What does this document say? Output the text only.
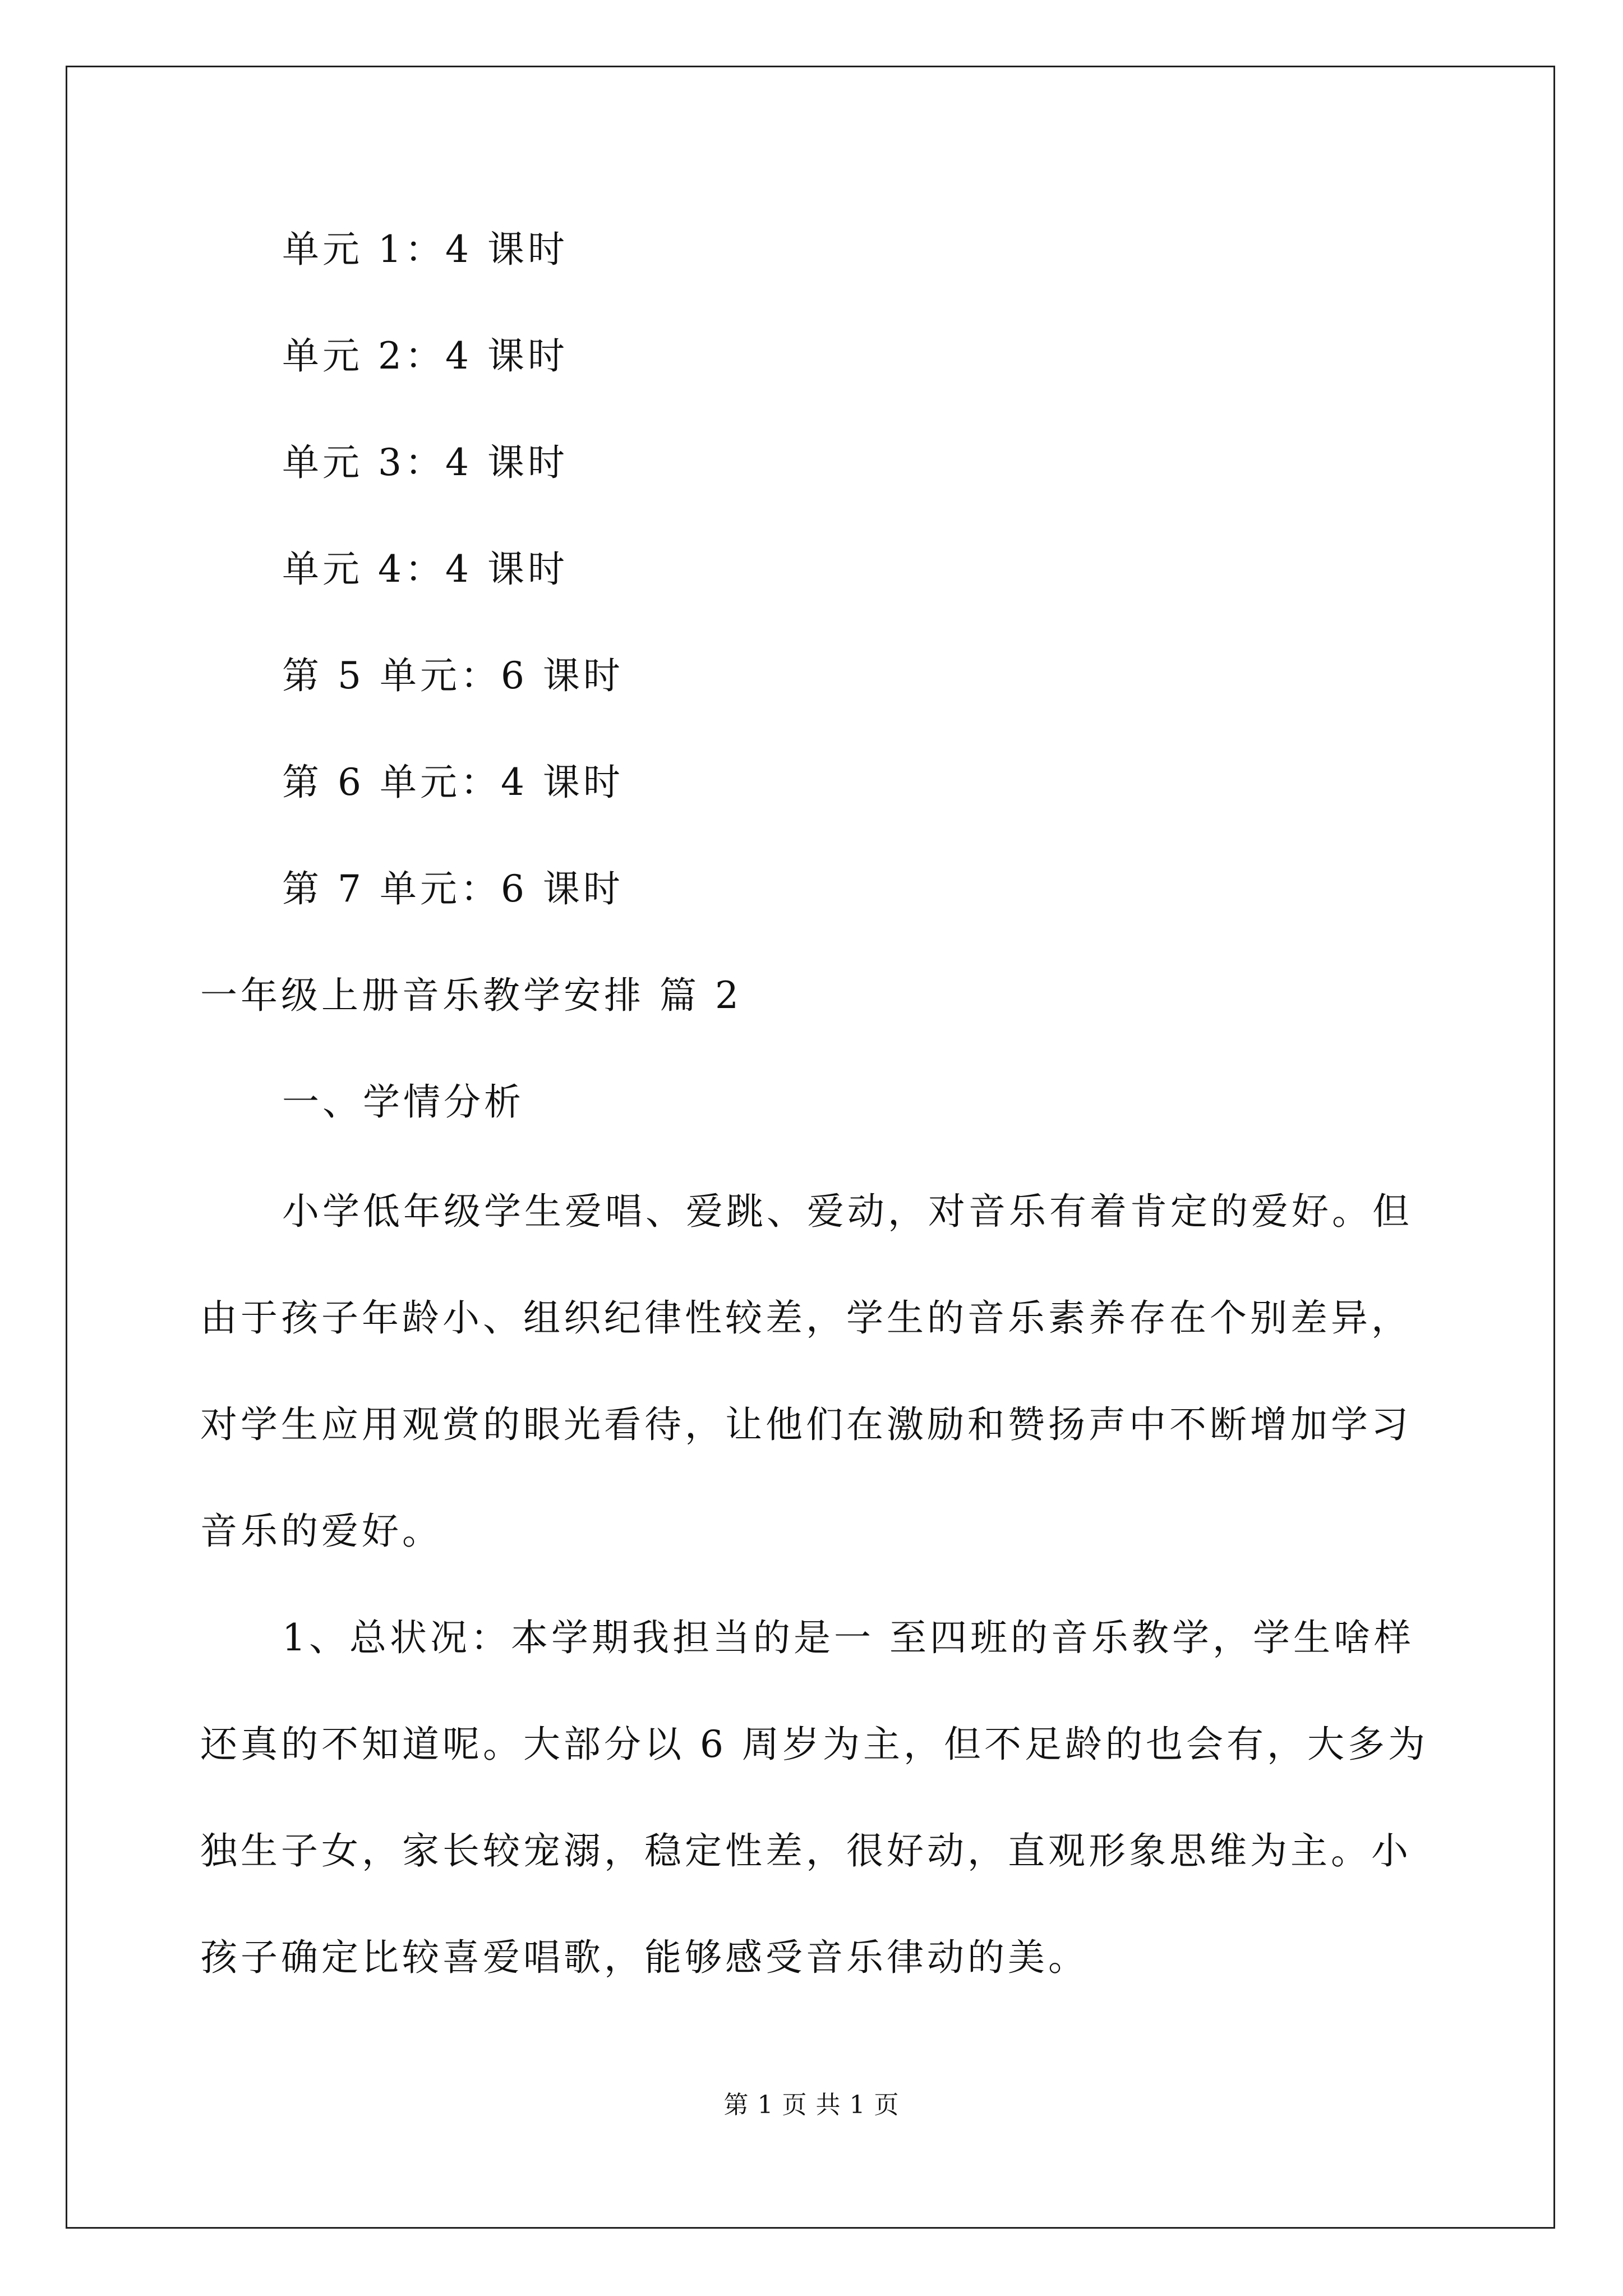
单元 1：4 课时
单元 2：4 课时
单元 3：4 课时
单元 4：4 课时
第 5 单元：6 课时
第 6 单元：4 课时
第 7 单元：6 课时
一年级上册音乐教学安排 篇 2
一、学情分析
小学低年级学生爱唱、爱跳、爱动，对音乐有着肯定的爱好。但
由于孩子年龄小、组织纪律性较差，学生的音乐素养存在个别差异，
对学生应用观赏的眼光看待，让他们在激励和赞扬声中不断增加学习
音乐的爱好。
1、总状况：本学期我担当的是一 至四班的音乐教学，学生啥样
还真的不知道呢。大部分以 6 周岁为主，但不足龄的也会有，大多为
独生子女，家长较宠溺，稳定性差，很好动，直观形象思维为主。小
孩子确定比较喜爱唱歌，能够感受音乐律动的美。
第 1 页 共 1 页
